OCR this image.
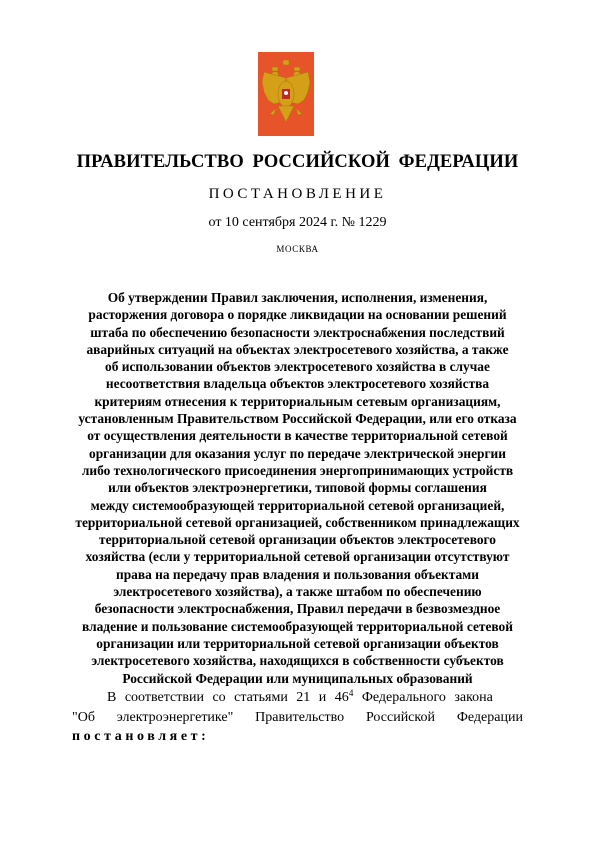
ПРАВИТЕЛЬСТВО РОССИЙСКОЙ ФЕДЕРАЦИИ
ПОСТАНОВЛЕНИЕ
от 10 сентября 2024 г. № 1229
МОСКВА
Об утверждении Правил заключения, исполнения, изменения,
расторжения договора о порядке ликвидации на основании решений
штаба по обеспечению безопасности электроснабжения последствий
аварийных ситуаций на объектах электросетевого хозяйства, а также
об использовании объектов электросетевого хозяйства в случае
несоответствия владельца объектов электросетевого хозяйства
критериям отнесения к территориальным сетевым организациям,
установленным Правительством Российской Федерации, или его отказа
от осуществления деятельности в качестве территориальной сетевой
организации для оказания услуг по передаче электрической энергии
либо технологического присоединения энергопринимающих устройств
или объектов электроэнергетики, типовой формы соглашения
между системообразующей территориальной сетевой организацией,
территориальной сетевой организацией, собственником принадлежащих
территориальной сетевой организации объектов электросетевого
хозяйства (если у территориальной сетевой организации отсутствуют
права на передачу прав владения и пользования объектами
электросетевого хозяйства), а также штабом по обеспечению
безопасности электроснабжения, Правил передачи в безвозмездное
владение и пользование системообразующей территориальной сетевой
организации или территориальной сетевой организации объектов
электросетевого хозяйства, находящихся в собственности субъектов
Российской Федерации или муниципальных образований
В соответствии со статьями 21 и $46^4$ Федерального закона
"Об электроэнергетике" Правительство Российской Федерации
постановляет:
